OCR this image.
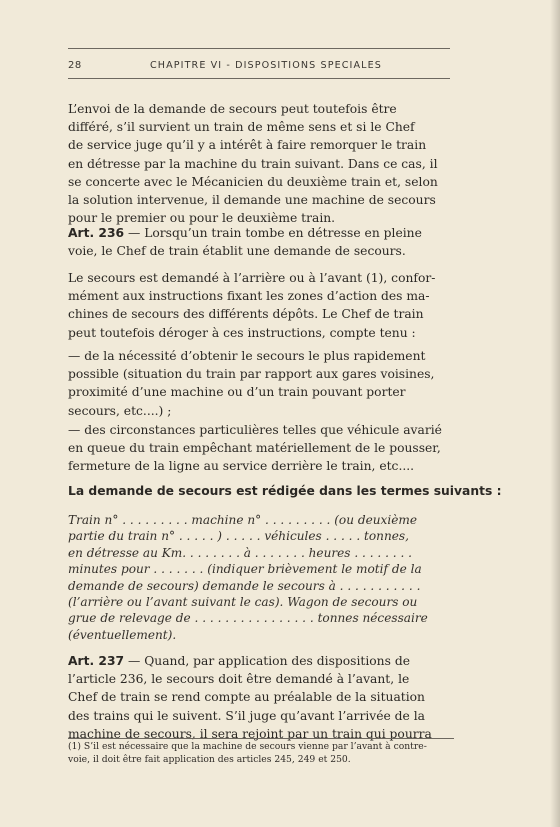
28	CHAPITRE VI - DISPOSITIONS SPECIALES
L’envoi de la demande de secours peut toutefois être
différé, s’il survient un train de même sens et si le Chef
de service juge qu’il y a intérêt à faire remorquer le train
en détresse par la machine du train suivant. Dans ce cas, il
se concerte avec le Mécanicien du deuxième train et, selon
la solution intervenue, il demande une machine de secours
pour le premier ou pour le deuxième train.
Art. 236 — Lorsqu’un train tombe en détresse en pleine
voie, le Chef de train établit une demande de secours.
Le secours est demandé à l’arrière ou à l’avant (1), confor-
mément aux instructions fixant les zones d’action des ma-
chines de secours des différents dépôts. Le Chef de train
peut toutefois déroger à ces instructions, compte tenu :
— de la nécessité d’obtenir le secours le plus rapidement
possible (situation du train par rapport aux gares voisines,
proximité d’une machine ou d’un train pouvant porter
secours, etc....) ;
— des circonstances particulières telles que véhicule avarié
en queue du train empêchant matériellement de le pousser,
fermeture de la ligne au service derrière le train, etc....
La demande de secours est rédigée dans les termes suivants :
Train n° . . . . . . . . . machine n° . . . . . . . . . (ou deuxième
partie du train n° . . . . . ) . . . . . véhicules . . . . . tonnes,
en détresse au Km. . . . . . . . à . . . . . . . heures . . . . . . . .
minutes pour . . . . . . . (indiquer brièvement le motif de la
demande de secours) demande le secours à . . . . . . . . . . .
(l’arrière ou l’avant suivant le cas). Wagon de secours ou
grue de relevage de . . . . . . . . . . . . . . . . tonnes nécessaire
(éventuellement).
Art. 237 — Quand, par application des dispositions de
l’article 236, le secours doit être demandé à l’avant, le
Chef de train se rend compte au préalable de la situation
des trains qui le suivent. S’il juge qu’avant l’arrivée de la
machine de secours, il sera rejoint par un train qui pourra
(1) S’il est nécessaire que la machine de secours vienne par l’avant à contre-
voie, il doit être fait application des articles 245, 249 et 250.
